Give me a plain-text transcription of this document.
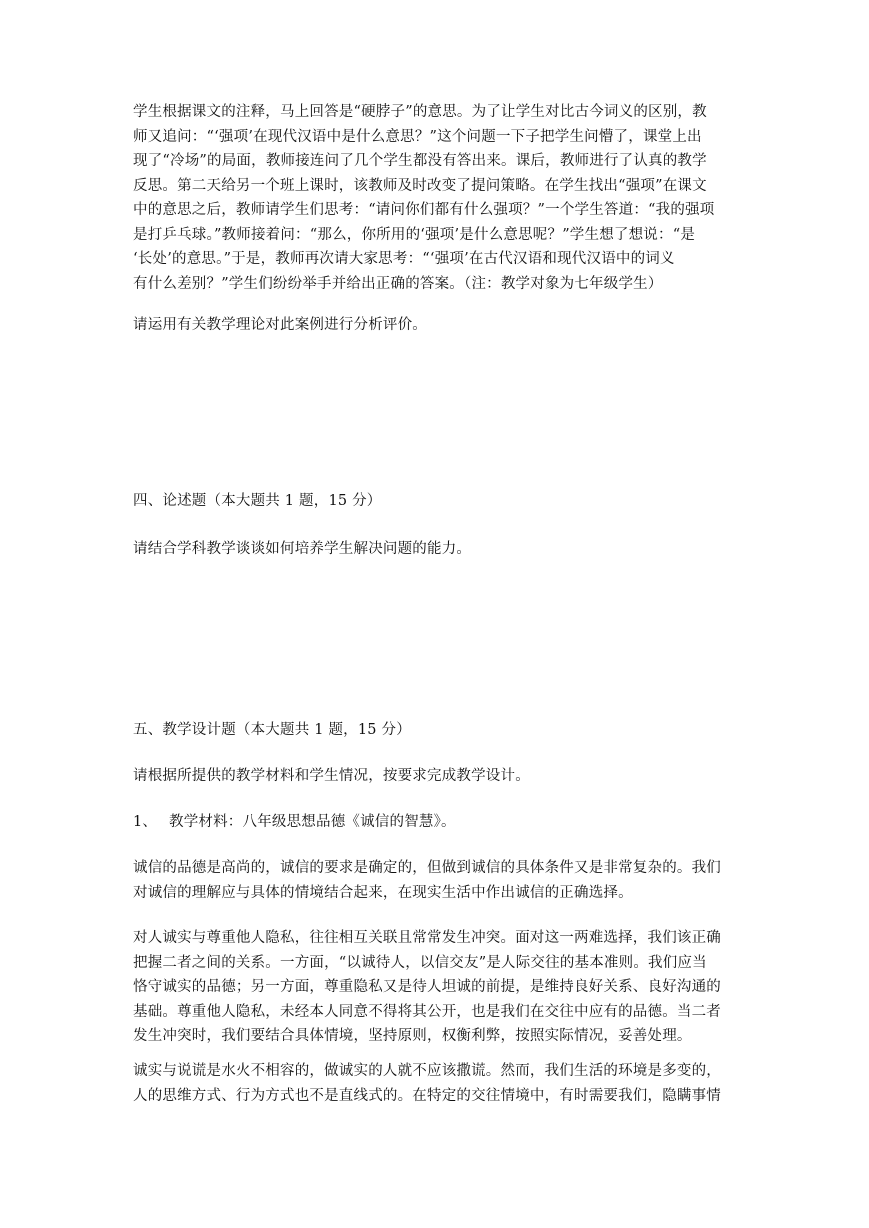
学生根据课文的注释，马上回答是“硬脖子”的意思。为了让学生对比古今词义的区别，教
师又追问：“‘强项’在现代汉语中是什么意思？”这个问题一下子把学生问懵了，课堂上出
现了“冷场”的局面，教师接连问了几个学生都没有答出来。课后，教师进行了认真的教学
反思。第二天给另一个班上课时，该教师及时改变了提问策略。在学生找出“强项”在课文
中的意思之后，教师请学生们思考：“请问你们都有什么强项？”一个学生答道：“我的强项
是打乒乓球。”教师接着问：“那么，你所用的‘强项’是什么意思呢？”学生想了想说：“是
‘长处’的意思。”于是，教师再次请大家思考：“‘强项’在古代汉语和现代汉语中的词义
有什么差别？”学生们纷纷举手并给出正确的答案。（注：教学对象为七年级学生）
请运用有关教学理论对此案例进行分析评价。
四、论述题（本大题共 1 题，15 分）
请结合学科教学谈谈如何培养学生解决问题的能力。
五、教学设计题（本大题共 1 题，15 分）
请根据所提供的教学材料和学生情况，按要求完成教学设计。
1、 教学材料：八年级思想品德《诚信的智慧》。
诚信的品德是高尚的，诚信的要求是确定的，但做到诚信的具体条件又是非常复杂的。我们
对诚信的理解应与具体的情境结合起来，在现实生活中作出诚信的正确选择。
对人诚实与尊重他人隐私，往往相互关联且常常发生冲突。面对这一两难选择，我们该正确
把握二者之间的关系。一方面，“以诚待人，以信交友”是人际交往的基本准则。我们应当
恪守诚实的品德；另一方面，尊重隐私又是待人坦诚的前提，是维持良好关系、良好沟通的
基础。尊重他人隐私，未经本人同意不得将其公开，也是我们在交往中应有的品德。当二者
发生冲突时，我们要结合具体情境，坚持原则，权衡利弊，按照实际情况，妥善处理。
诚实与说谎是水火不相容的，做诚实的人就不应该撒谎。然而，我们生活的环境是多变的，
人的思维方式、行为方式也不是直线式的。在特定的交往情境中，有时需要我们，隐瞒事情
